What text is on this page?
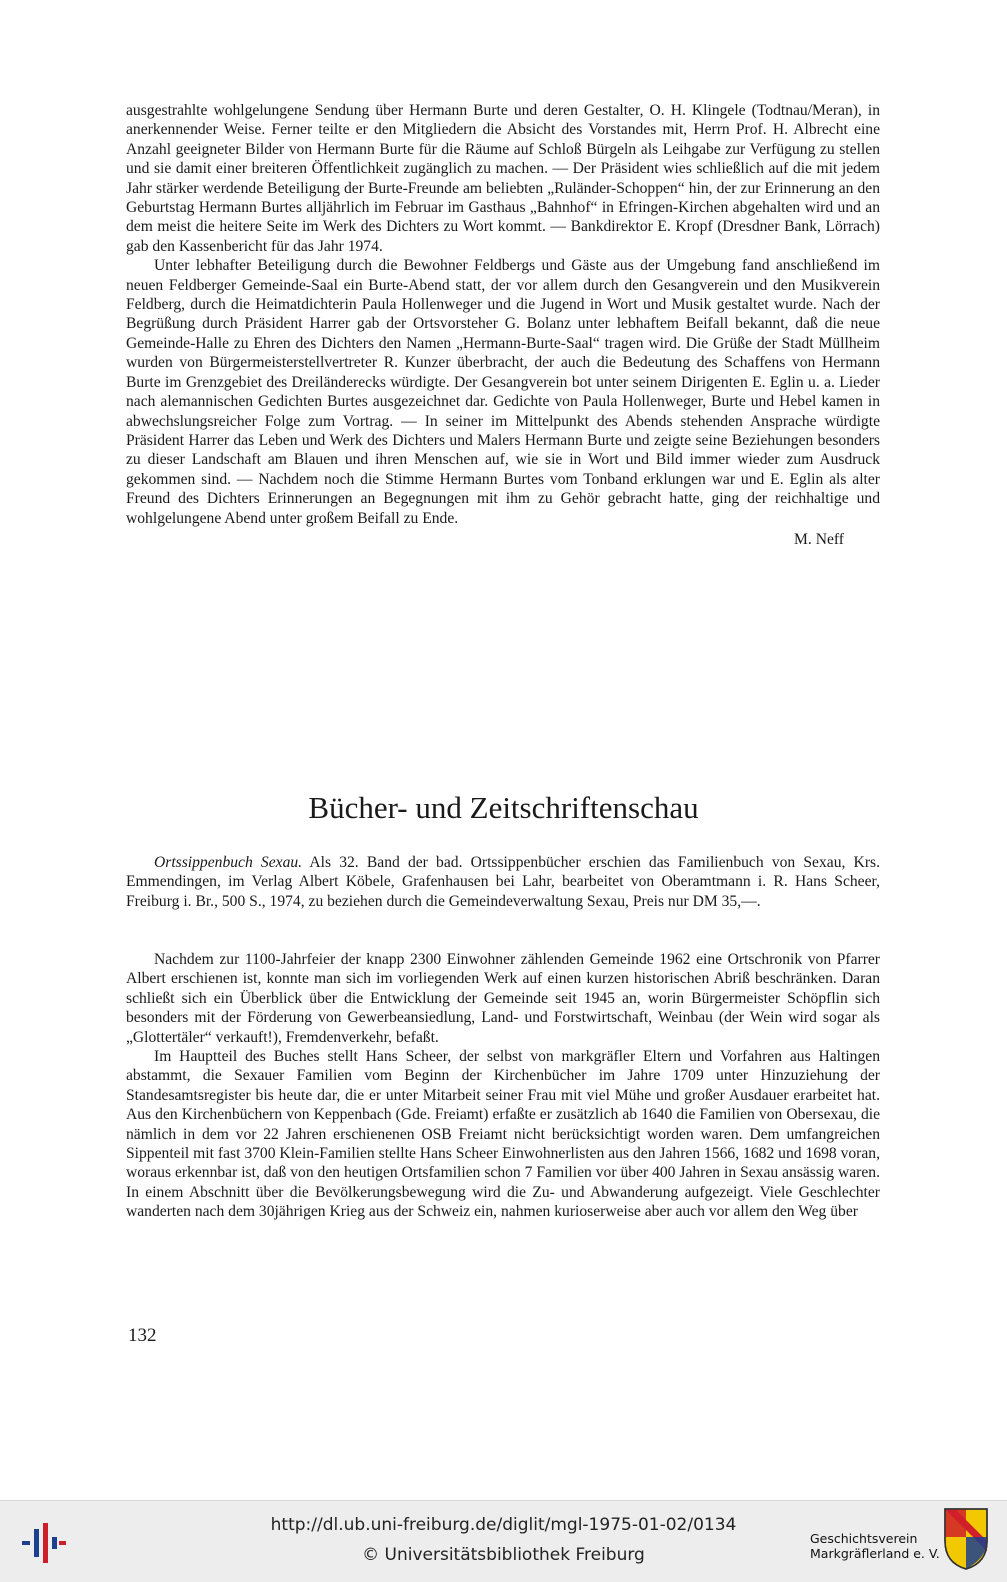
ausgestrahlte wohlgelungene Sendung über Hermann Burte und deren Gestalter, O. H. Klingele (Todtnau/Meran), in anerkennender Weise. Ferner teilte er den Mitgliedern die Absicht des Vorstandes mit, Herrn Prof. H. Albrecht eine Anzahl geeigneter Bilder von Hermann Burte für die Räume auf Schloß Bürgeln als Leihgabe zur Verfügung zu stellen und sie damit einer breiteren Öffentlichkeit zugänglich zu machen. — Der Präsident wies schließlich auf die mit jedem Jahr stärker werdende Beteiligung der Burte-Freunde am beliebten „Ruländer-Schoppen“ hin, der zur Erinnerung an den Geburtstag Hermann Burtes alljährlich im Februar im Gasthaus „Bahnhof“ in Efringen-Kirchen abgehalten wird und an dem meist die heitere Seite im Werk des Dichters zu Wort kommt. — Bankdirektor E. Kropf (Dresdner Bank, Lörrach) gab den Kassenbericht für das Jahr 1974.

Unter lebhafter Beteiligung durch die Bewohner Feldbergs und Gäste aus der Umgebung fand anschließend im neuen Feldberger Gemeinde-Saal ein Burte-Abend statt, der vor allem durch den Gesangverein und den Musikverein Feldberg, durch die Heimatdichterin Paula Hollenweger und die Jugend in Wort und Musik gestaltet wurde. Nach der Begrüßung durch Präsident Harrer gab der Ortsvorsteher G. Bolanz unter lebhaftem Beifall bekannt, daß die neue Gemeinde-Halle zu Ehren des Dichters den Namen „Hermann-Burte-Saal“ tragen wird. Die Grüße der Stadt Müllheim wurden von Bürgermeisterstellvertreter R. Kunzer überbracht, der auch die Bedeutung des Schaffens von Hermann Burte im Grenzgebiet des Dreiländerecks würdigte. Der Gesangverein bot unter seinem Dirigenten E. Eglin u. a. Lieder nach alemannischen Gedichten Burtes ausgezeichnet dar. Gedichte von Paula Hollenweger, Burte und Hebel kamen in abwechslungsreicher Folge zum Vortrag. — In seiner im Mittelpunkt des Abends stehenden Ansprache würdigte Präsident Harrer das Leben und Werk des Dichters und Malers Hermann Burte und zeigte seine Beziehungen besonders zu dieser Landschaft am Blauen und ihren Menschen auf, wie sie in Wort und Bild immer wieder zum Ausdruck gekommen sind. — Nachdem noch die Stimme Hermann Burtes vom Tonband erklungen war und E. Eglin als alter Freund des Dichters Erinnerungen an Begegnungen mit ihm zu Gehör gebracht hatte, ging der reichhaltige und wohlgelungene Abend unter großem Beifall zu Ende.

M. Neff

Bücher- und Zeitschriftenschau

Ortssippenbuch Sexau. Als 32. Band der bad. Ortssippenbücher erschien das Familienbuch von Sexau, Krs. Emmendingen, im Verlag Albert Köbele, Grafenhausen bei Lahr, bearbeitet von Oberamtmann i. R. Hans Scheer, Freiburg i. Br., 500 S., 1974, zu beziehen durch die Gemeindeverwaltung Sexau, Preis nur DM 35,—.

Nachdem zur 1100-Jahrfeier der knapp 2300 Einwohner zählenden Gemeinde 1962 eine Ortschronik von Pfarrer Albert erschienen ist, konnte man sich im vorliegenden Werk auf einen kurzen historischen Abriß beschränken. Daran schließt sich ein Überblick über die Entwicklung der Gemeinde seit 1945 an, worin Bürgermeister Schöpflin sich besonders mit der Förderung von Gewerbeansiedlung, Land- und Forstwirtschaft, Weinbau (der Wein wird sogar als „Glottertäler“ verkauft!), Fremdenverkehr, befaßt.

Im Hauptteil des Buches stellt Hans Scheer, der selbst von markgräfler Eltern und Vorfahren aus Haltingen abstammt, die Sexauer Familien vom Beginn der Kirchenbücher im Jahre 1709 unter Hinzuziehung der Standesamtsregister bis heute dar, die er unter Mitarbeit seiner Frau mit viel Mühe und großer Ausdauer erarbeitet hat. Aus den Kirchenbüchern von Keppenbach (Gde. Freiamt) erfaßte er zusätzlich ab 1640 die Familien von Obersexau, die nämlich in dem vor 22 Jahren erschienenen OSB Freiamt nicht berücksichtigt worden waren. Dem umfangreichen Sippenteil mit fast 3700 Klein-Familien stellte Hans Scheer Einwohnerlisten aus den Jahren 1566, 1682 und 1698 voran, woraus erkennbar ist, daß von den heutigen Ortsfamilien schon 7 Familien vor über 400 Jahren in Sexau ansässig waren. In einem Abschnitt über die Bevölkerungsbewegung wird die Zu- und Abwanderung aufgezeigt. Viele Geschlechter wanderten nach dem 30jährigen Krieg aus der Schweiz ein, nahmen kurioserweise aber auch vor allem den Weg über

132

http://dl.ub.uni-freiburg.de/diglit/mgl-1975-01-02/0134

© Universitätsbibliothek Freiburg

Geschichtsverein
Markgräflerland e. V.
